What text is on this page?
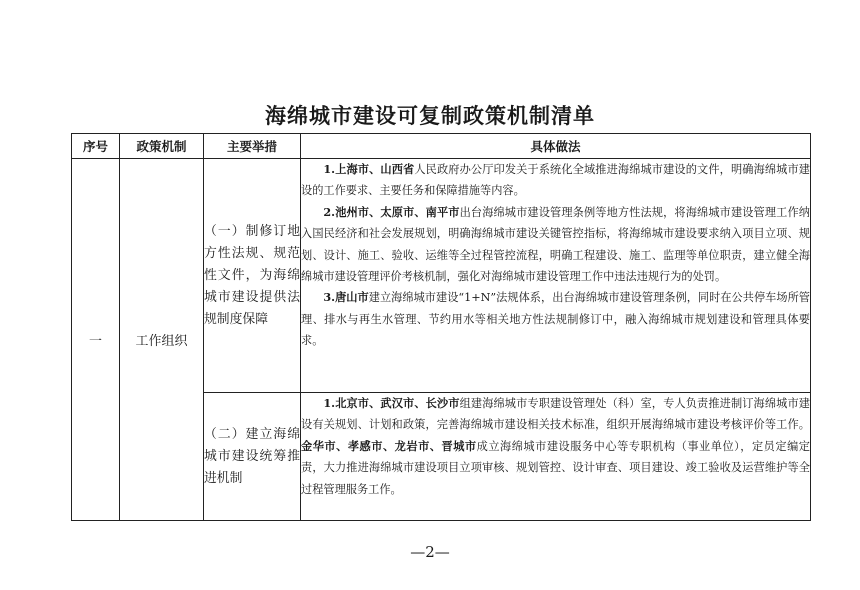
海绵城市建设可复制政策机制清单
序号	政策机制	主要举措	具体做法
一	工作组织	（一）制修订地方性法规、规范性文件，为海绵城市建设提供法规制度保障	1.上海市、山西省人民政府办公厅印发关于系统化全域推进海绵城市建设的文件，明确海绵城市建设的工作要求、主要任务和保障措施等内容。

2.池州市、太原市、南平市出台海绵城市建设管理条例等地方性法规，将海绵城市建设管理工作纳入国民经济和社会发展规划，明确海绵城市建设关键管控指标，将海绵城市建设要求纳入项目立项、规划、设计、施工、验收、运维等全过程管控流程，明确工程建设、施工、监理等单位职责，建立健全海绵城市建设管理评价考核机制，强化对海绵城市建设管理工作中违法违规行为的处罚。

3.唐山市建立海绵城市建设“1+N”法规体系，出台海绵城市建设管理条例，同时在公共停车场所管理、排水与再生水管理、节约用水等相关地方性法规制修订中，融入海绵城市规划建设和管理具体要求。

		（二）建立海绵城市建设统筹推进机制	1.北京市、武汉市、长沙市组建海绵城市专职建设管理处（科）室，专人负责推进制订海绵城市建设有关规划、计划和政策，完善海绵城市建设相关技术标准，组织开展海绵城市建设考核评价等工作。金华市、孝感市、龙岩市、晋城市成立海绵城市建设服务中心等专职机构（事业单位），定员定编定责，大力推进海绵城市建设项目立项审核、规划管控、设计审查、项目建设、竣工验收及运营维护等全过程管理服务工作。

—2—
